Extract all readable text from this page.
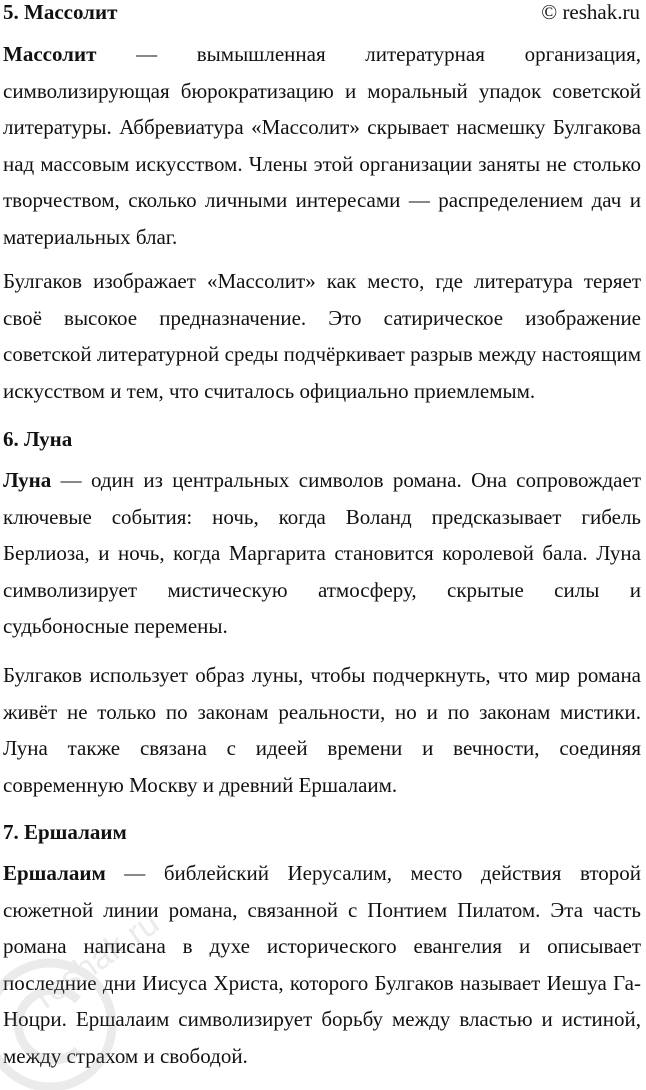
5. Массолит	© reshak.ru

Массолит — вымышленная литературная организация, символизирующая бюрократизацию и моральный упадок советской литературы. Аббревиатура «Массолит» скрывает насмешку Булгакова над массовым искусством. Члены этой организации заняты не столько творчеством, сколько личными интересами — распределением дач и материальных благ.

Булгаков изображает «Массолит» как место, где литература теряет своё высокое предназначение. Это сатирическое изображение советской литературной среды подчёркивает разрыв между настоящим искусством и тем, что считалось официально приемлемым.

6. Луна

Луна — один из центральных символов романа. Она сопровождает ключевые события: ночь, когда Воланд предсказывает гибель Берлиоза, и ночь, когда Маргарита становится королевой бала. Луна символизирует мистическую атмосферу, скрытые силы и судьбоносные перемены.

Булгаков использует образ луны, чтобы подчеркнуть, что мир романа живёт не только по законам реальности, но и по законам мистики. Луна также связана с идеей времени и вечности, соединяя современную Москву и древний Ершалаим.

7. Ершалаим

Ершалаим — библейский Иерусалим, место действия второй сюжетной линии романа, связанной с Понтием Пилатом. Эта часть романа написана в духе исторического евангелия и описывает последние дни Иисуса Христа, которого Булгаков называет Иешуа Га-Ноцри. Ершалаим символизирует борьбу между властью и истиной, между страхом и свободой.

reshak.ru
